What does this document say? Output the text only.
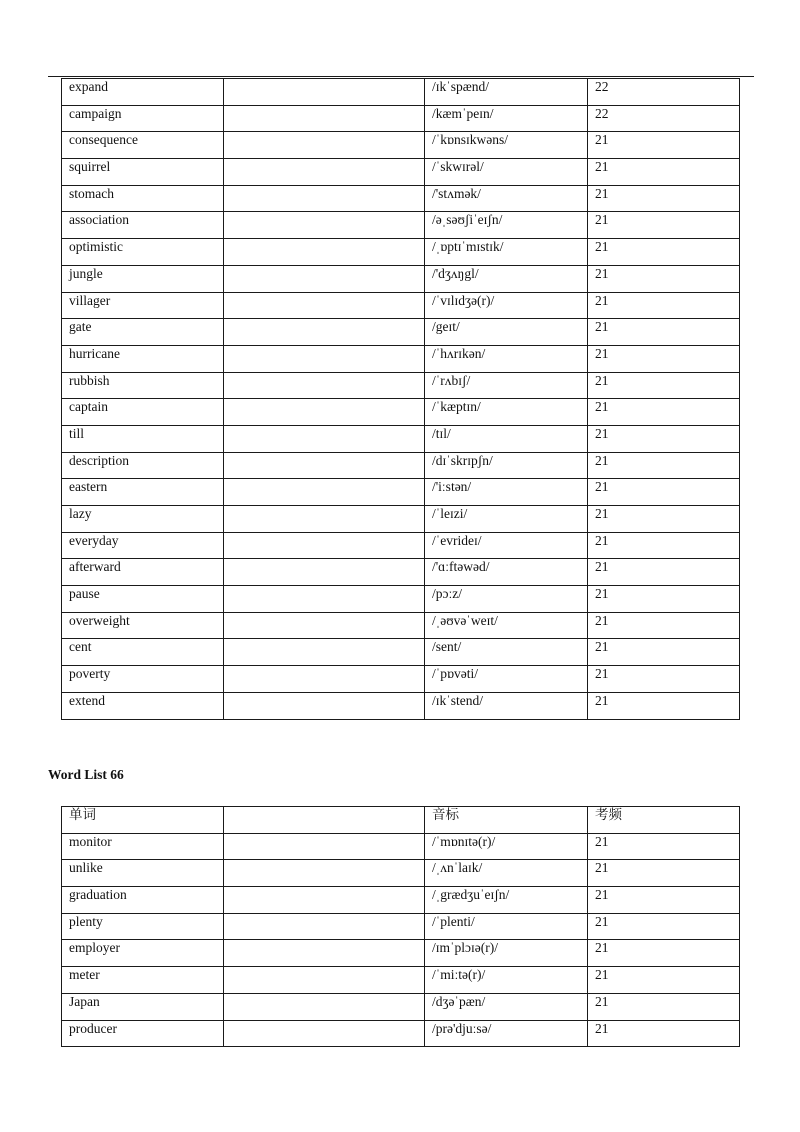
expand		/ɪkˈspænd/	22

campaign		/kæmˈpeɪn/	22

consequence		/ˈkɒnsɪkwəns/	21

squirrel		/ˈskwɪrəl/	21

stomach		/'stʌmək/	21

association		/əˌsəʊʃiˈeɪʃn/	21

optimistic		/ˌɒptɪˈmɪstɪk/	21

jungle		/'dʒʌŋgl/	21

villager		/ˈvɪlɪdʒə(r)/	21

gate		/geɪt/	21

hurricane		/ˈhʌrɪkən/	21

rubbish		/ˈrʌbɪʃ/	21

captain		/ˈkæptɪn/	21

till		/tɪl/	21

description		/dɪˈskrɪpʃn/	21

eastern		/'iːstən/	21

lazy		/ˈleɪzi/	21

everyday		/ˈevrideɪ/	21

afterward		/'ɑːftəwəd/	21

pause		/pɔːz/	21

overweight		/ˌəʊvəˈweɪt/	21

cent		/sent/	21

poverty		/ˈpɒvəti/	21

extend		/ɪkˈstend/	21
Word List 66
单词		音标	考频

monitor		/ˈmɒnɪtə(r)/	21

unlike		/ˌʌnˈlaɪk/	21

graduation		/ˌgrædʒuˈeɪʃn/	21

plenty		/ˈplenti/	21

employer		/ɪmˈplɔɪə(r)/	21

meter		/ˈmiːtə(r)/	21

Japan		/dʒəˈpæn/	21

producer		/prə'djuːsə/	21
